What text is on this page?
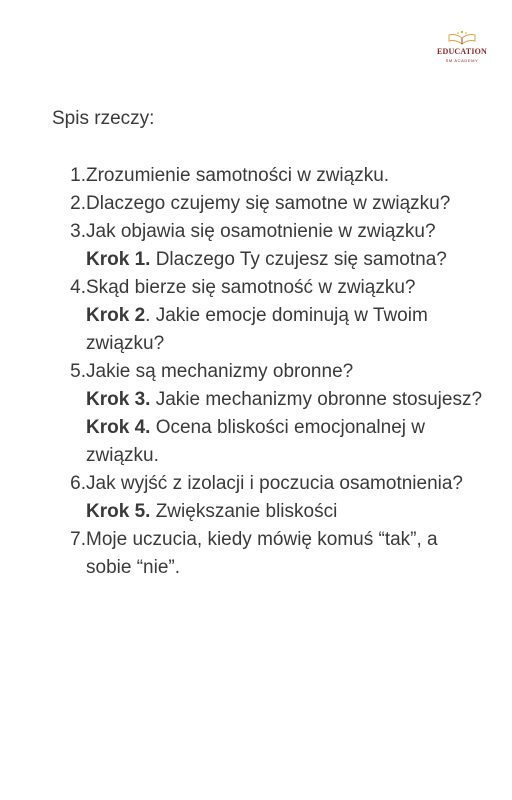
EDUCATION
SM ACADEMY
Spis rzeczy:
1. Zrozumienie samotności w związku.
2. Dlaczego czujemy się samotne w związku?
3. Jak objawia się osamotnienie w związku?
Krok 1. Dlaczego Ty czujesz się samotna?
4. Skąd bierze się samotność w związku?
Krok 2. Jakie emocje dominują w Twoim związku?
5. Jakie są mechanizmy obronne?
Krok 3. Jakie mechanizmy obronne stosujesz?
Krok 4. Ocena bliskości emocjonalnej w związku.
6. Jak wyjść z izolacji i poczucia osamotnienia?
Krok 5. Zwiększanie bliskości
7. Moje uczucia, kiedy mówię komuś “tak”, a sobie “nie”.
